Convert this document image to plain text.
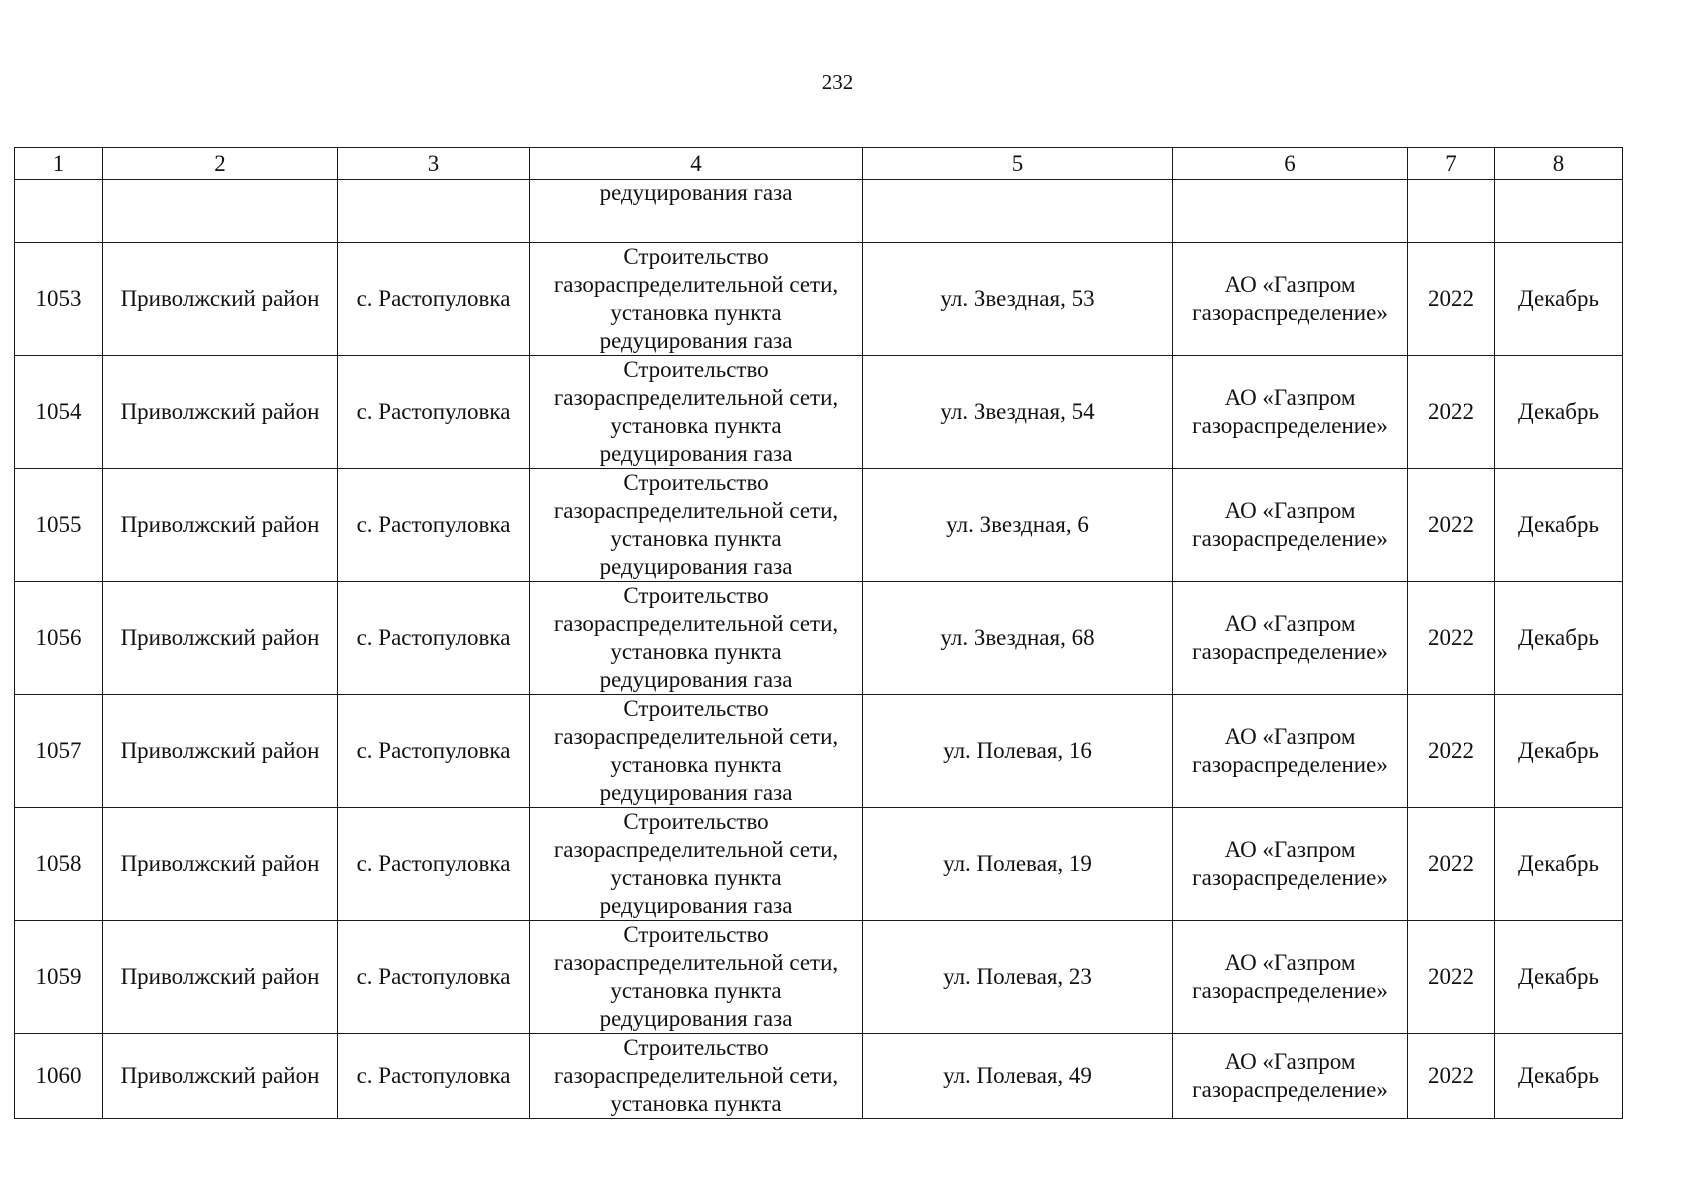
232
1	2	3	4	5	6	7	8
			редуцирования газа				
1053	Приволжский район	с. Растопуловка	Строительство газораспределительной сети, установка пункта редуцирования газа	ул. Звездная, 53	АО «Газпром газораспределение»	2022	Декабрь
1054	Приволжский район	с. Растопуловка	Строительство газораспределительной сети, установка пункта редуцирования газа	ул. Звездная, 54	АО «Газпром газораспределение»	2022	Декабрь
1055	Приволжский район	с. Растопуловка	Строительство газораспределительной сети, установка пункта редуцирования газа	ул. Звездная, 6	АО «Газпром газораспределение»	2022	Декабрь
1056	Приволжский район	с. Растопуловка	Строительство газораспределительной сети, установка пункта редуцирования газа	ул. Звездная, 68	АО «Газпром газораспределение»	2022	Декабрь
1057	Приволжский район	с. Растопуловка	Строительство газораспределительной сети, установка пункта редуцирования газа	ул. Полевая, 16	АО «Газпром газораспределение»	2022	Декабрь
1058	Приволжский район	с. Растопуловка	Строительство газораспределительной сети, установка пункта редуцирования газа	ул. Полевая, 19	АО «Газпром газораспределение»	2022	Декабрь
1059	Приволжский район	с. Растопуловка	Строительство газораспределительной сети, установка пункта редуцирования газа	ул. Полевая, 23	АО «Газпром газораспределение»	2022	Декабрь
1060	Приволжский район	с. Растопуловка	Строительство газораспределительной сети, установка пункта	ул. Полевая, 49	АО «Газпром газораспределение»	2022	Декабрь
